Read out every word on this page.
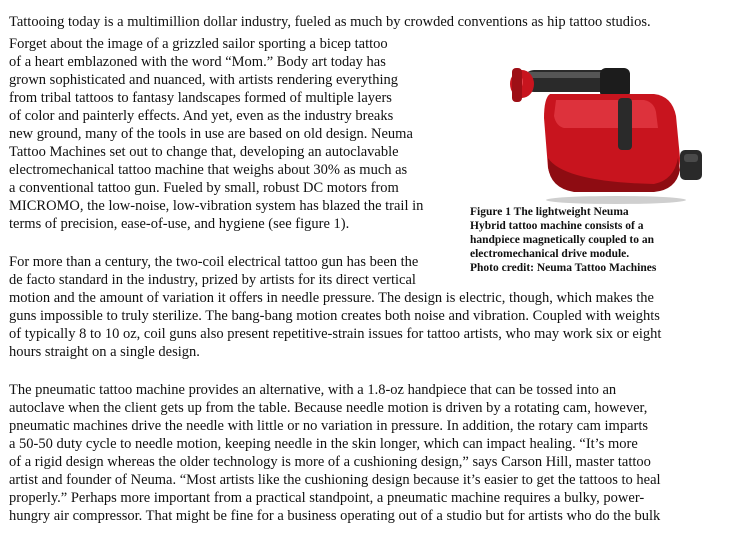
Tattooing today is a multimillion dollar industry, fueled as much by crowded conventions as hip tattoo studios.
Forget about the image of a grizzled sailor sporting a bicep tattoo
of a heart emblazoned with the word “Mom.” Body art today has
grown sophisticated and nuanced, with artists rendering everything
from tribal tattoos to fantasy landscapes formed of multiple layers
of color and painterly effects. And yet, even as the industry breaks
new ground, many of the tools in use are based on old design. Neuma
Tattoo Machines set out to change that, developing an autoclavable
electromechanical tattoo machine that weighs about 30% as much as
a conventional tattoo gun. Fueled by small, robust DC motors from
MICROMO, the low-noise, low-vibration system has blazed the trail in
terms of precision, ease-of-use, and hygiene (see figure 1).
For more than a century, the two-coil electrical tattoo gun has been the
de facto standard in the industry, prized by artists for its direct vertical
motion and the amount of variation it offers in needle pressure. The design is electric, though, which makes the
guns impossible to truly sterilize. The bang-bang motion creates both noise and vibration. Coupled with weights
of typically 8 to 10 oz, coil guns also present repetitive-strain issues for tattoo artists, who may work six or eight
hours straight on a single design.
The pneumatic tattoo machine provides an alternative, with a 1.8-oz handpiece that can be tossed into an
autoclave when the client gets up from the table. Because needle motion is driven by a rotating cam, however,
pneumatic machines drive the needle with little or no variation in pressure. In addition, the rotary cam imparts
a 50-50 duty cycle to needle motion, keeping needle in the skin longer, which can impact healing. “It’s more
of a rigid design whereas the older technology is more of a cushioning design,” says Carson Hill, master tattoo
artist and founder of Neuma. “Most artists like the cushioning design because it’s easier to get the tattoos to heal
properly.” Perhaps more important from a practical standpoint, a pneumatic machine requires a bulky, power-
hungry air compressor. That might be fine for a business operating out of a studio but for artists who do the bulk
Figure 1 The lightweight Neuma
Hybrid tattoo machine consists of a
handpiece magnetically coupled to an
electromechanical drive module.
Photo credit: Neuma Tattoo Machines
